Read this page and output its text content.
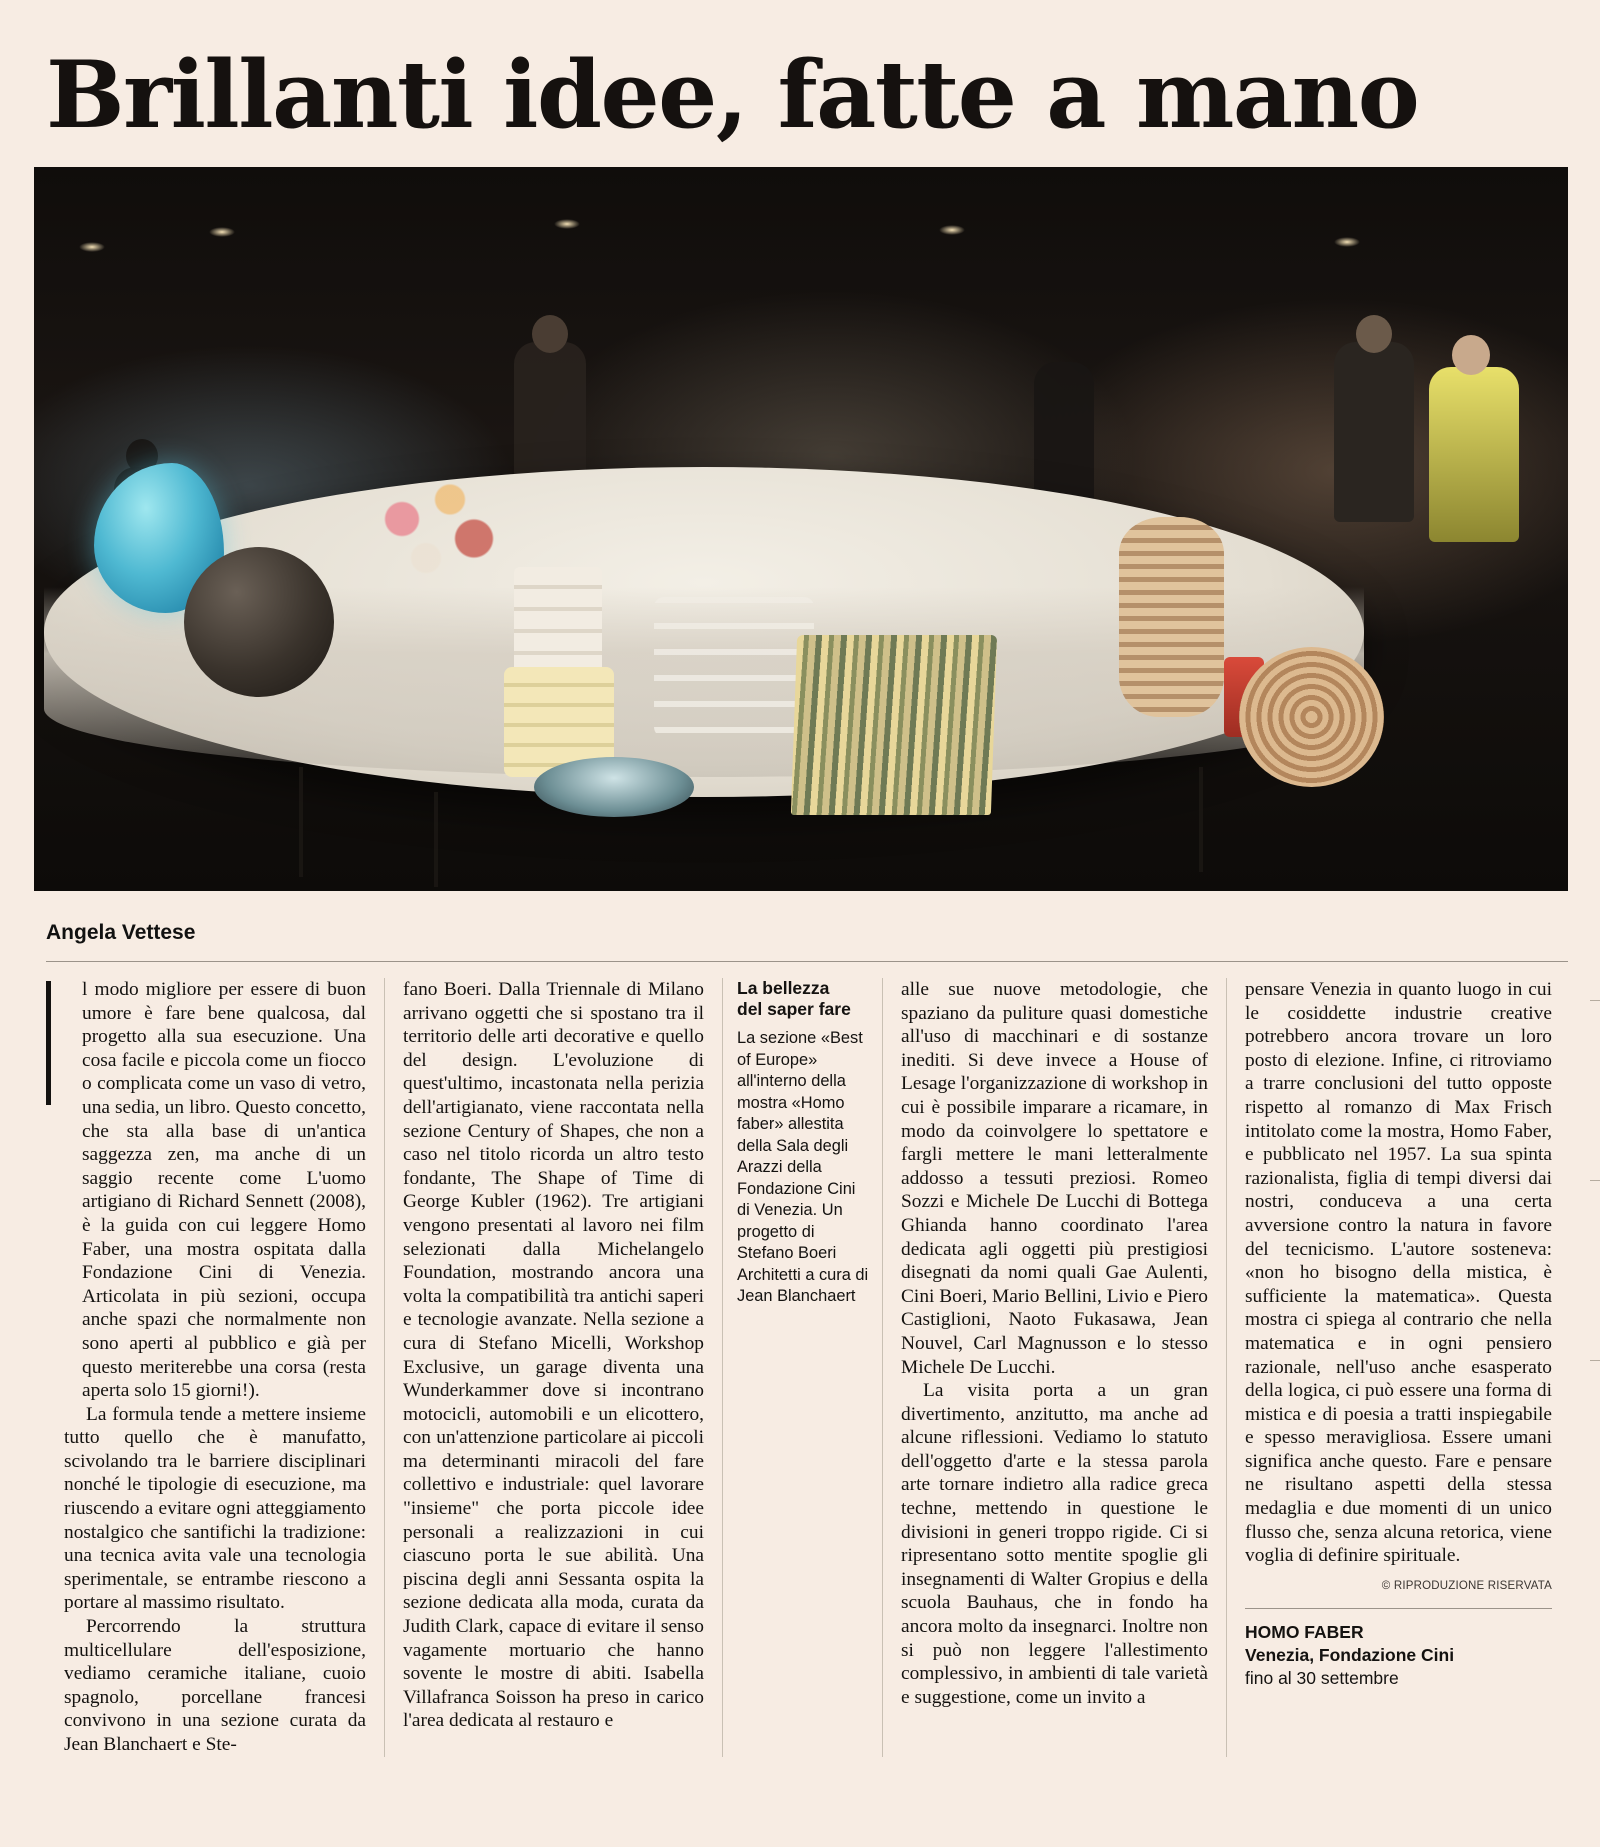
Brillanti idee, fatte a mano
Angela Vettese

l modo migliore per essere di buon umore è fare bene qualcosa, dal progetto alla sua esecuzione. Una cosa facile e piccola come un fiocco o complicata come un vaso di vetro, una sedia, un libro. Questo concetto, che sta alla base di un'antica saggezza zen, ma anche di un saggio recente come L'uomo artigiano di Richard Sennett (2008), è la guida con cui leggere Homo Faber, una mostra ospitata dalla Fondazione Cini di Venezia. Articolata in più sezioni, occupa anche spazi che normalmente non sono aperti al pubblico e già per questo meriterebbe una corsa (resta aperta solo 15 giorni!).

La formula tende a mettere insieme tutto quello che è manufatto, scivolando tra le barriere disciplinari nonché le tipologie di esecuzione, ma riuscendo a evitare ogni atteggiamento nostalgico che santifichi la tradizione: una tecnica avita vale una tecnologia sperimentale, se entrambe riescono a portare al massimo risultato.

Percorrendo la struttura multicellulare dell'esposizione, vediamo ceramiche italiane, cuoio spagnolo, porcellane francesi convivono in una sezione curata da Jean Blanchaert e Ste-

fano Boeri. Dalla Triennale di Milano arrivano oggetti che si spostano tra il territorio delle arti decorative e quello del design. L'evoluzione di quest'ultimo, incastonata nella perizia dell'artigianato, viene raccontata nella sezione Century of Shapes, che non a caso nel titolo ricorda un altro testo fondante, The Shape of Time di George Kubler (1962). Tre artigiani vengono presentati al lavoro nei film selezionati dalla Michelangelo Foundation, mostrando ancora una volta la compatibilità tra antichi saperi e tecnologie avanzate. Nella sezione a cura di Stefano Micelli, Workshop Exclusive, un garage diventa una Wunderkammer dove si incontrano motocicli, automobili e un elicottero, con un'attenzione particolare ai piccoli ma determinanti miracoli del fare collettivo e industriale: quel lavorare "insieme" che porta piccole idee personali a realizzazioni in cui ciascuno porta le sue abilità. Una piscina degli anni Sessanta ospita la sezione dedicata alla moda, curata da Judith Clark, capace di evitare il senso vagamente mortuario che hanno sovente le mostre di abiti. Isabella Villafranca Soisson ha preso in carico l'area dedicata al restauro e

La bellezza
del saper fare

La sezione «Best of Europe» all'interno della mostra «Homo faber» allestita della Sala degli Arazzi della Fondazione Cini di Venezia. Un progetto di Stefano Boeri Architetti a cura di Jean Blanchaert

alle sue nuove metodologie, che spaziano da puliture quasi domestiche all'uso di macchinari e di sostanze inediti. Si deve invece a House of Lesage l'organizzazione di workshop in cui è possibile imparare a ricamare, in modo da coinvolgere lo spettatore e fargli mettere le mani letteralmente addosso a tessuti preziosi. Romeo Sozzi e Michele De Lucchi di Bottega Ghianda hanno coordinato l'area dedicata agli oggetti più prestigiosi disegnati da nomi quali Gae Aulenti, Cini Boeri, Mario Bellini, Livio e Piero Castiglioni, Naoto Fukasawa, Jean Nouvel, Carl Magnusson e lo stesso Michele De Lucchi.

La visita porta a un gran divertimento, anzitutto, ma anche ad alcune riflessioni. Vediamo lo statuto dell'oggetto d'arte e la stessa parola arte tornare indietro alla radice greca techne, mettendo in questione le divisioni in generi troppo rigide. Ci si ripresentano sotto mentite spoglie gli insegnamenti di Walter Gropius e della scuola Bauhaus, che in fondo ha ancora molto da insegnarci. Inoltre non si può non leggere l'allestimento complessivo, in ambienti di tale varietà e suggestione, come un invito a

pensare Venezia in quanto luogo in cui le cosiddette industrie creative potrebbero ancora trovare un loro posto di elezione. Infine, ci ritroviamo a trarre conclusioni del tutto opposte rispetto al romanzo di Max Frisch intitolato come la mostra, Homo Faber, e pubblicato nel 1957. La sua spinta razionalista, figlia di tempi diversi dai nostri, conduceva a una certa avversione contro la natura in favore del tecnicismo. L'autore sosteneva: «non ho bisogno della mistica, è sufficiente la matematica». Questa mostra ci spiega al contrario che nella matematica e in ogni pensiero razionale, nell'uso anche esasperato della logica, ci può essere una forma di mistica e di poesia a tratti inspiegabile e spesso meravigliosa. Essere umani significa anche questo. Fare e pensare ne risultano aspetti della stessa medaglia e due momenti di un unico flusso che, senza alcuna retorica, viene voglia di definire spirituale.

© RIPRODUZIONE RISERVATA
HOMO FABER
Venezia, Fondazione Cini
fino al 30 settembre
